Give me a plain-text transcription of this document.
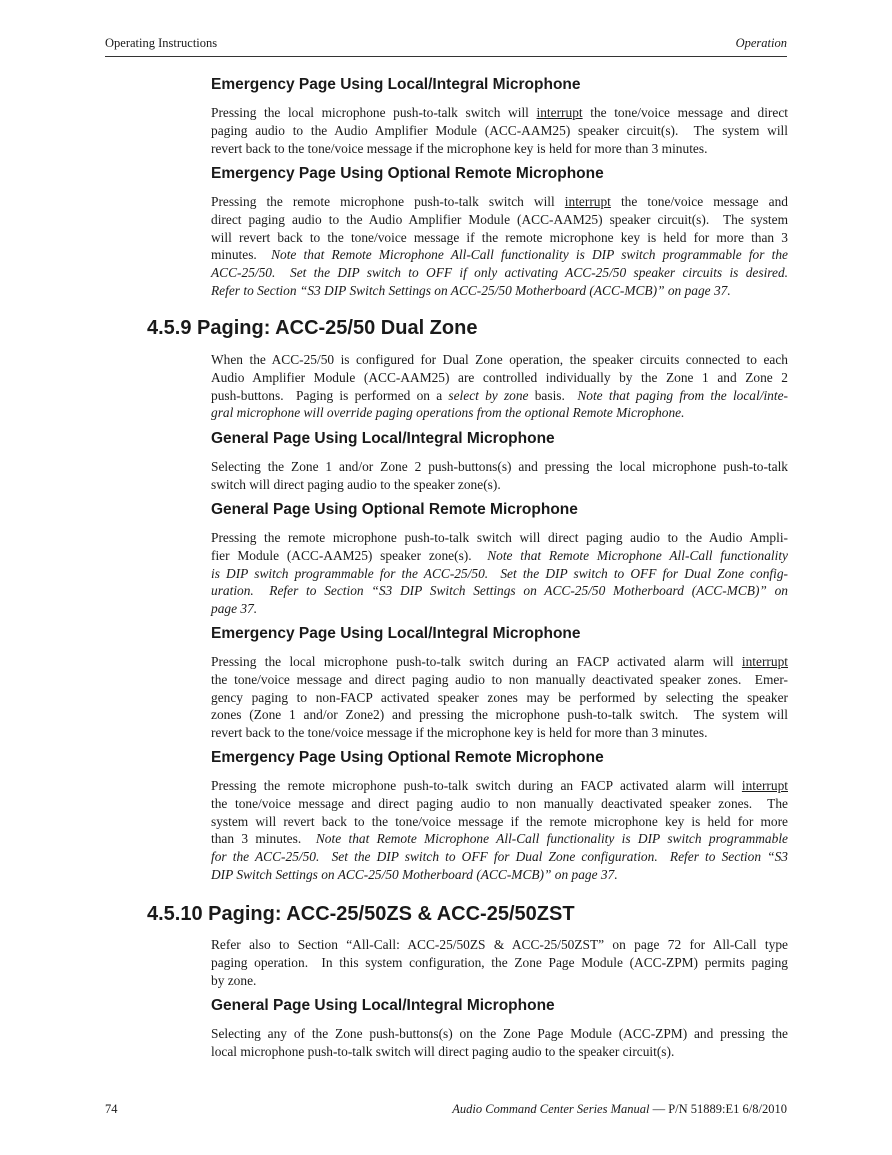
Operating Instructions	Operation
Emergency Page Using Local/Integral Microphone
Pressing the local microphone push-to-talk switch will interrupt the tone/voice message and direct
paging audio to the Audio Amplifier Module (ACC-AAM25) speaker circuit(s).  The system will
revert back to the tone/voice message if the microphone key is held for more than 3 minutes.
Emergency Page Using Optional Remote Microphone
Pressing the remote microphone push-to-talk switch will interrupt the tone/voice message and
direct paging audio to the Audio Amplifier Module (ACC-AAM25) speaker circuit(s).  The system
will revert back to the tone/voice message if the remote microphone key is held for more than 3
minutes.  Note that Remote Microphone All-Call functionality is DIP switch programmable for the
ACC-25/50.  Set the DIP switch to OFF if only activating ACC-25/50 speaker circuits is desired.
Refer to Section “S3 DIP Switch Settings on ACC-25/50 Motherboard (ACC-MCB)” on page 37.
4.5.9 Paging: ACC-25/50 Dual Zone
When the ACC-25/50 is configured for Dual Zone operation, the speaker circuits connected to each
Audio Amplifier Module (ACC-AAM25) are controlled individually by the Zone 1 and Zone 2
push-buttons.  Paging is performed on a select by zone basis.  Note that paging from the local/inte-
gral microphone will override paging operations from the optional Remote Microphone.
General Page Using Local/Integral Microphone
Selecting the Zone 1 and/or Zone 2 push-buttons(s) and pressing the local microphone push-to-talk
switch will direct paging audio to the speaker zone(s).
General Page Using Optional Remote Microphone
Pressing the remote microphone push-to-talk switch will direct paging audio to the Audio Ampli-
fier Module (ACC-AAM25) speaker zone(s).  Note that Remote Microphone All-Call functionality
is DIP switch programmable for the ACC-25/50.  Set the DIP switch to OFF for Dual Zone config-
uration.  Refer to Section “S3 DIP Switch Settings on ACC-25/50 Motherboard (ACC-MCB)” on
page 37.
Emergency Page Using Local/Integral Microphone
Pressing the local microphone push-to-talk switch during an FACP activated alarm will interrupt
the tone/voice message and direct paging audio to non manually deactivated speaker zones.  Emer-
gency paging to non-FACP activated speaker zones may be performed by selecting the speaker
zones (Zone 1 and/or Zone2) and pressing the microphone push-to-talk switch.  The system will
revert back to the tone/voice message if the microphone key is held for more than 3 minutes.
Emergency Page Using Optional Remote Microphone
Pressing the remote microphone push-to-talk switch during an FACP activated alarm will interrupt
the tone/voice message and direct paging audio to non manually deactivated speaker zones.  The
system will revert back to the tone/voice message if the remote microphone key is held for more
than 3 minutes.  Note that Remote Microphone All-Call functionality is DIP switch programmable
for the ACC-25/50.  Set the DIP switch to OFF for Dual Zone configuration.  Refer to Section “S3
DIP Switch Settings on ACC-25/50 Motherboard (ACC-MCB)” on page 37.
4.5.10 Paging: ACC-25/50ZS & ACC-25/50ZST
Refer also to Section “All-Call: ACC-25/50ZS & ACC-25/50ZST” on page 72 for All-Call type
paging operation.  In this system configuration, the Zone Page Module (ACC-ZPM) permits paging
by zone.
General Page Using Local/Integral Microphone
Selecting any of the Zone push-buttons(s) on the Zone Page Module (ACC-ZPM) and pressing the
local microphone push-to-talk switch will direct paging audio to the speaker circuit(s).
74	Audio Command Center Series Manual — P/N 51889:E1 6/8/2010
